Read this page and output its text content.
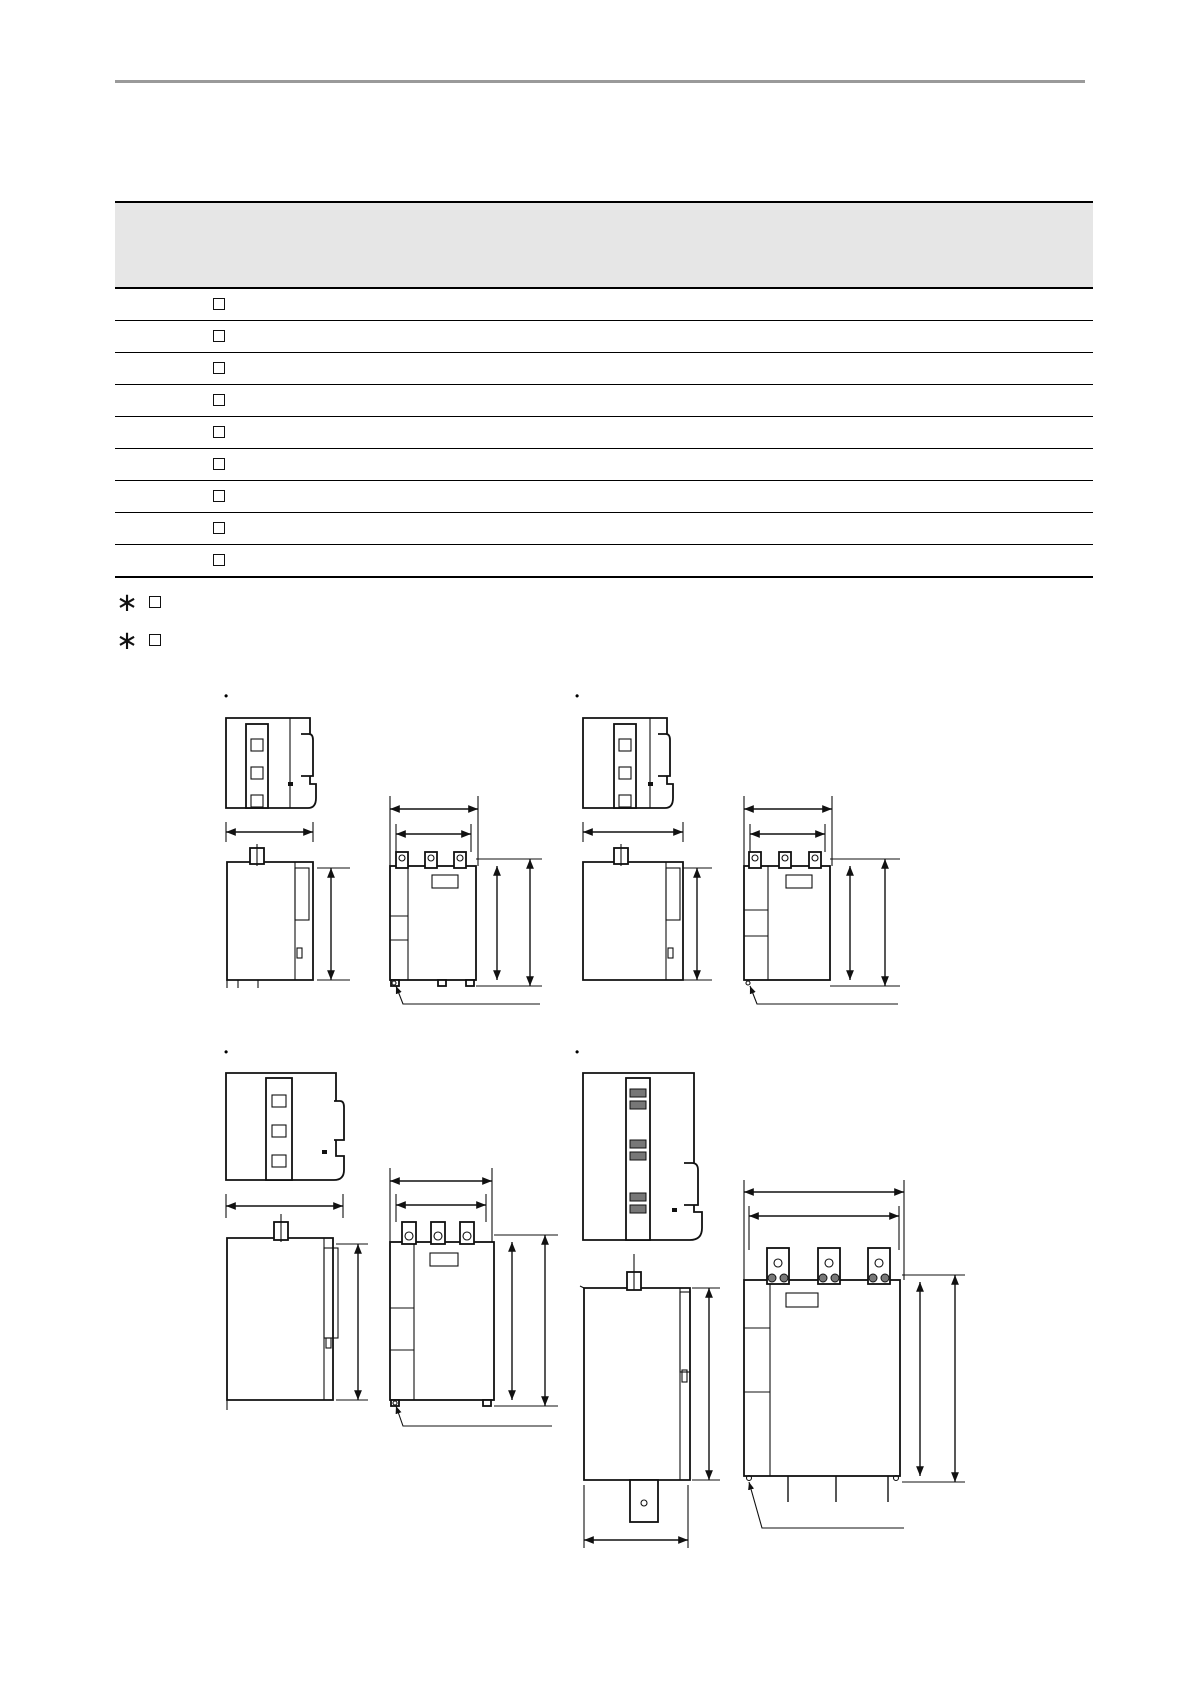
∗
∗
•	•
•	•
